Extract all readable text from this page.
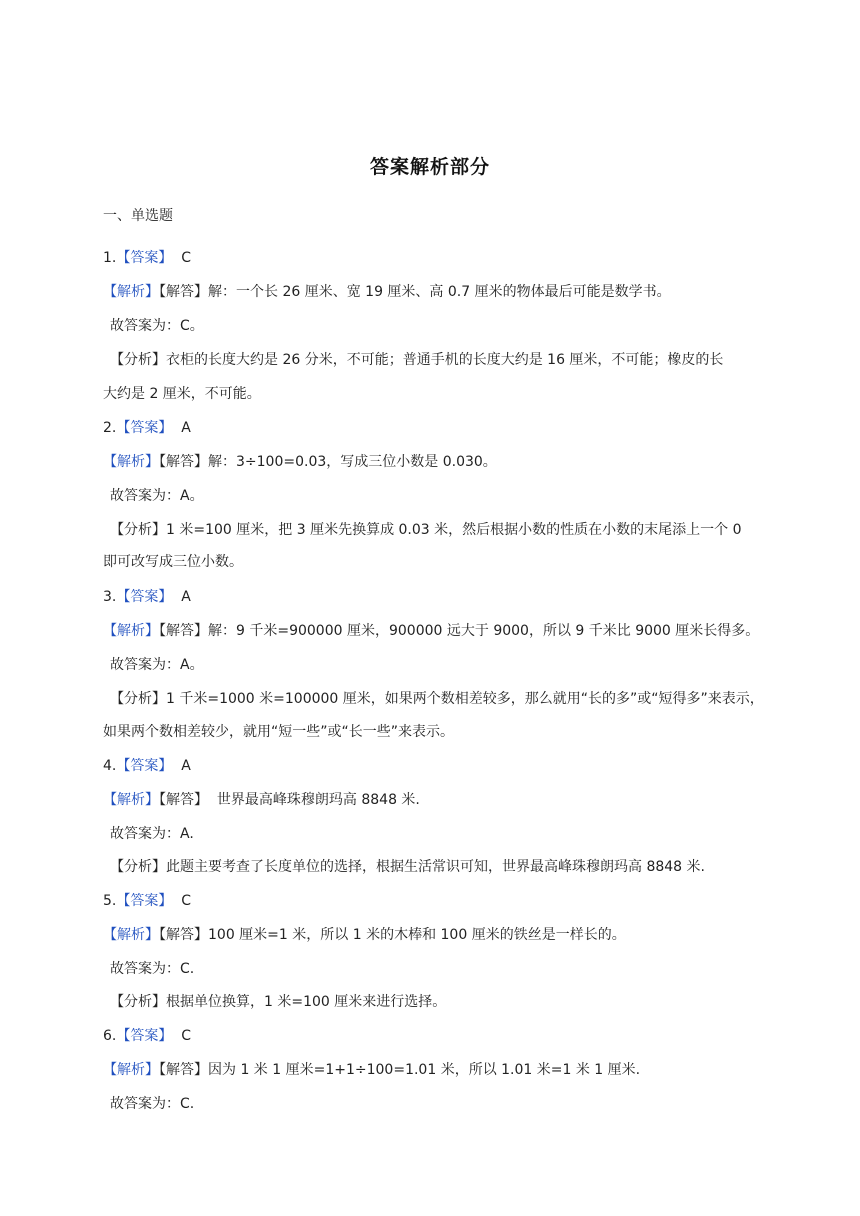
答案解析部分
一、单选题
1.【答案】  C
【解析】【解答】解：一个长 26 厘米、宽 19 厘米、高 0.7 厘米的物体最后可能是数学书。
故答案为：C。
【分析】衣柜的长度大约是 26 分米，不可能；普通手机的长度大约是 16 厘米，不可能；橡皮的长
大约是 2 厘米，不可能。
2.【答案】  A
【解析】【解答】解：3÷100=0.03，写成三位小数是 0.030。
故答案为：A。
【分析】1 米=100 厘米，把 3 厘米先换算成 0.03 米，然后根据小数的性质在小数的末尾添上一个 0
即可改写成三位小数。
3.【答案】  A
【解析】【解答】解：9 千米=900000 厘米，900000 远大于 9000，所以 9 千米比 9000 厘米长得多。
故答案为：A。
【分析】1 千米=1000 米=100000 厘米，如果两个数相差较多，那么就用“长的多”或“短得多”来表示，
如果两个数相差较少，就用“短一些”或“长一些”来表示。
4.【答案】  A
【解析】【解答】  世界最高峰珠穆朗玛高 8848 米.
故答案为：A.
【分析】此题主要考查了长度单位的选择，根据生活常识可知，世界最高峰珠穆朗玛高 8848 米.
5.【答案】  C
【解析】【解答】100 厘米=1 米，所以 1 米的木棒和 100 厘米的铁丝是一样长的。
故答案为：C.
【分析】根据单位换算，1 米=100 厘米来进行选择。
6.【答案】  C
【解析】【解答】因为 1 米 1 厘米=1+1÷100=1.01 米，所以 1.01 米=1 米 1 厘米.
故答案为：C.
